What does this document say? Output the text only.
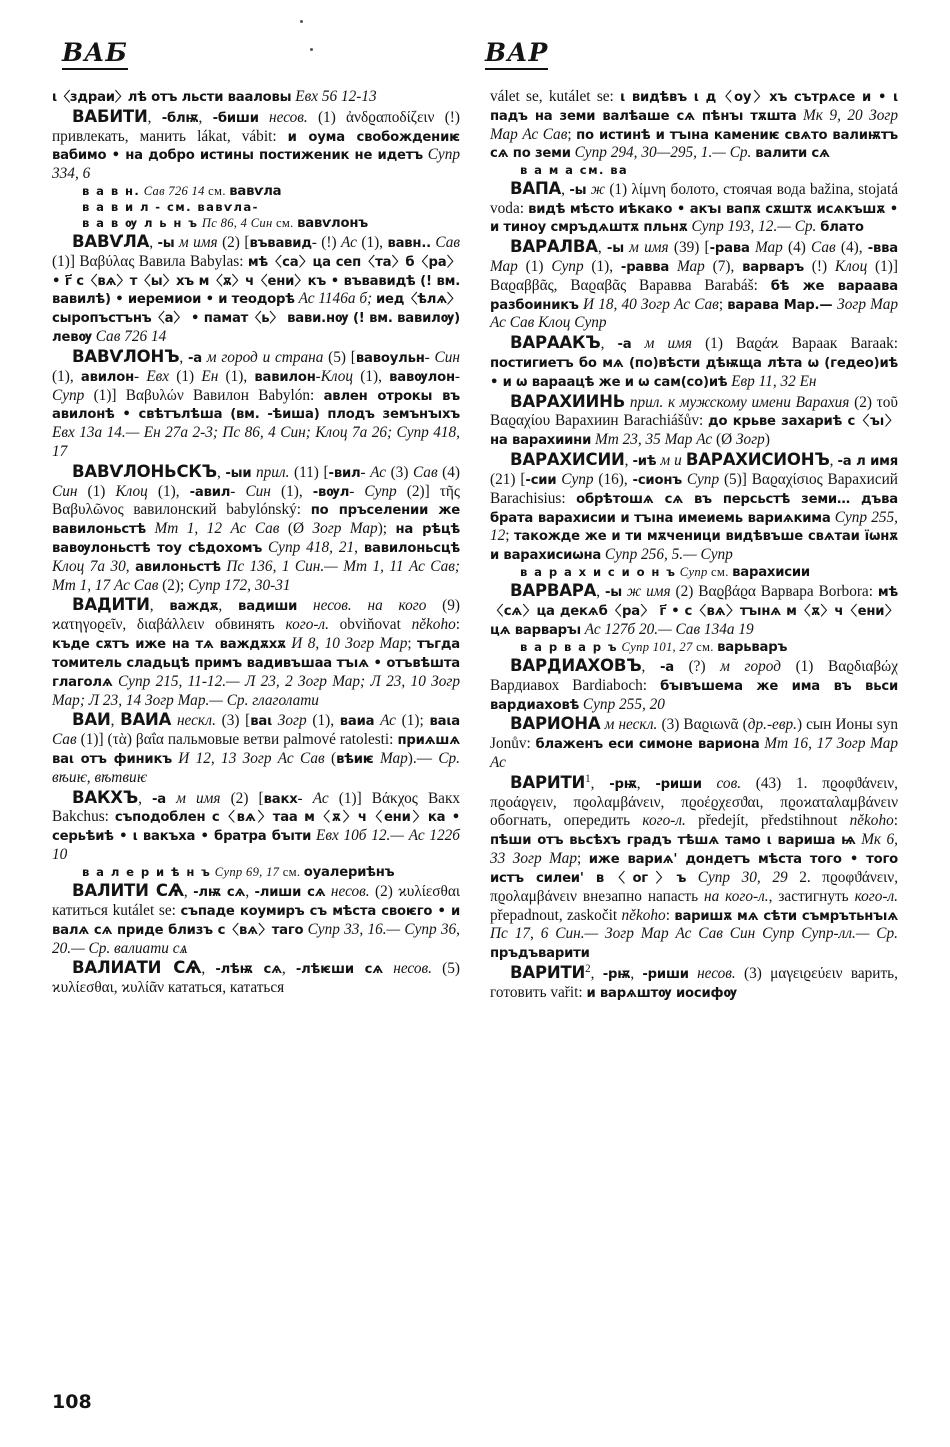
ВАБ	ВАР

ι〈здраи〉лѣ отъ льсти вааловы Евх 56 12-13

ВАБИТИ, -блѭ, -биши несов. (1) ἀνδϱαποδίζειν (!) привлекать, манить lákat, vábit: и оума свобождениѥ вабимо • на добро истины постиженик не идетъ Супр 334, 6

в а в н. Сав 726 14 см. вавѵла

в а в и л - см. вавѵла-

в а в ѹ л ь н ъ Пс 86, 4 Син см. вавѵлонъ

ВАВѴЛА, -ы м имя (2) [въвавид- (!) Ас (1), вавн.. Сав (1)] Βαβύλας Вавила Babylas: мѣ〈са〉ца сеп〈та〉б〈ра〉 • г҃ с〈вѧ〉т〈ы〉хъ м〈ѫ〉ч〈ени〉къ • въвавидѣ (! вм. вавилѣ) • иеремиои • и теодорѣ Ас 1146а б; иед〈ѣлѧ〉 сыропъстънъ〈а〉 • памат〈ь〉 вави.нѹ (! вм. вавилѹ) левѹ Сав 726 14

ВАВѴЛОНЪ, -а м город и страна (5) [вавоульн- Син (1), авилон- Евх (1) Ен (1), вавилон-Клоц (1), вавѹлон- Супр (1)] Βαβυλών Вавилон Babylón: авлен отрокы въ авилонѣ • свѣтълѣша (вм. -ѣиша) плодъ земънъıхъ Евх 13а 14.— Ен 27а 2-3; Пс 86, 4 Син; Клоц 7а 26; Супр 418, 17

ВАВѴЛОНЬСКЪ, -ыи прил. (11) [-вил- Ас (3) Сав (4) Син (1) Клоц (1), -авил- Син (1), -вѹл- Супр (2)] τῆς Βαβυλῶνος вавилонский babylónský: по пръселении же вавилоньстѣ Мт 1, 12 Ас Сав (Ø Зогр Мар); на рѣцѣ вавѹлоньстѣ тоу сѣдохомъ Супр 418, 21, вавилоньсцѣ Клоц 7а 30, авилоньстѣ Пс 136, 1 Син.— Мт 1, 11 Ас Сав; Мт 1, 17 Ас Сав (2); Супр 172, 30-31

ВАДИТИ, важдѫ, вадиши несов. на кого (9) ϰατηγοϱεῖν, διαβάλλειν обвинять кого-л. obviňovat někoho: къде сѫтъ иже на тѧ важдѫхѫ И 8, 10 Зогр Мар; тъгда томитель сладьцѣ примъ вадивъшаа тъıѧ • отъвѣшта глаголѧ Супр 215, 11-12.— Л 23, 2 Зогр Мар; Л 23, 10 Зогр Мар; Л 23, 14 Зогр Мар.— Ср. глаголати

ВАИ, ВАИА нескл. (3) [ваι Зогр (1), ваиа Ас (1); ваιа Сав (1)] (τὰ) βαΐα пальмовые ветви palmové ratolesti: приѧшѧ ваι отъ финикъ И 12, 13 Зогр Ас Сав (вѣиѥ Мар).— Ср. вѣиѥ, вѣтвиѥ

ВАКХЪ, -а м имя (2) [вакх- Ас (1)] Βάκχος Вакх Bakchus: съподоблен с〈вѧ〉таа м〈ѫ〉ч〈ени〉ка • серьѣиѣ • ι вакъха • братра бъıти Евх 10б 12.— Ас 122б 10

в а л е р и ѣ н ъ Супр 69, 17 см. оуалериѣнъ

ВАЛИТИ СѦ, -лѭ сѧ, -лиши сѧ несов. (2) ϰυλίεσθαι катиться kutálet se: съпаде коумиръ съ мѣста своѥго • и валѧ сѧ приде близъ с〈вѧ〉таго Супр 33, 16.— Супр 36, 20.— Ср. валиати сѧ

ВАЛИАТИ СѦ, -лѣѭ сѧ, -лѣѥши сѧ несов. (5) ϰυλίεσθαι, ϰυλίᾶν кататься, кататься

válet se, kutálet se: ι видѣвъ ι д〈оу〉хъ сътрѧсе и • ι падъ на земи валѣаше сѧ пѣнъı тѫшта Мк 9, 20 Зогр Мар Ас Сав; по истинѣ и тъıна камениѥ свѧто валиѭтъ сѧ по земи Супр 294, 30—295, 1.— Ср. валити сѧ

в а м а см. ва

ВАПА, -ы ж (1) λίμνη болото, стоячая вода bažina, stojatá voda: видѣ мѣсто иѣкако • акъı вапѫ сѫштѫ исѧкъшѫ • и тиноу смръдѧштѫ пльнѫ Супр 193, 12.— Ср. блато

ВАРАЛВА, -ы м имя (39) [-рава Мар (4) Сав (4), -вва Мар (1) Супр (1), -равва Мар (7), варваръ (!) Клоц (1)] Βαϱαββᾶς, Βαϱαβᾶς Варавва Barabáš: бѣ же вараава разбоиникъ И 18, 40 Зогр Ас Сав; варава Мар.— Зогр Мар Ас Сав Клоц Супр

ВАРААКЪ, -а м имя (1) Βαϱάϰ Вараак Baraak: постигиетъ бо мѧ (по)вѣсти дѣѭща лѣта ѡ (гедео)иѣ • и ѡ вараацѣ же и ѡ сам(со)иѣ Евр 11, 32 Ен

ВАРАХИИНЬ прил. к мужскому имени Варахия (2) τοῦ Βαϱαχίου Варахиин Barachiášův: до крьве захариѣ с〈ъı〉на варахиини Мт 23, 35 Мар Ас (Ø Зогр)

ВАРАХИСИИ, -иѣ м и ВАРАХИСИОНЪ, -а л имя (21) [-сии Супр (16), -сионъ Супр (5)] Βαϱαχίσιος Варахисий Barachisius: обрѣтошѧ сѧ въ персьстѣ земи… дъва брата варахисии и тъıна имеиемь вариѧкима Супр 255, 12; такожде же и ти мѫченици видѣвъше свѧтаи їѡнѫ и варахисиѡна Супр 256, 5.— Супр

в а р а х и с и о н ъ Супр см. варахисии

ВАРВАРА, -ы ж имя (2) Βαϱβάϱα Варвара Borbora: мѣ〈сѧ〉ца декѧб〈ра〉 г҃ • с〈вѧ〉тъıнѧ м〈ѫ〉ч〈ени〉цѧ варваръı Ас 127б 20.— Сав 134а 19

в а р в а р ъ Супр 101, 27 см. варьваръ

ВАРДИАХОВЪ, -а (?) м город (1) Βαϱδιαβώχ Вардиавох Bardiaboch: бъıвъшема же има въ вьси вардиаховѣ Супр 255, 20

ВАРИОНА м нескл. (3) Βαϱιωνᾶ (др.-евр.) сын Ионы syn Jonův: блаженъ еси симоне вариона Мт 16, 17 Зогр Мар Ас

ВАРИТИ$^1$, -рѭ, -риши сов. (43) 1. πϱοφϑάνειν, πϱοάϱγειν, πϱολαμβάνειν, πϱοέϱχεσϑαι, πϱοϰαταλαμβάνειν обогнать, опередить кого-л. předejít, předstihnout někoho: пѣши отъ вьсѣхъ градъ тѣшѧ тамо ι вариша ѩ Мк 6, 33 Зогр Мар; иже вариѧ' дондетъ мѣста того • того истъ силеи' в〈ог〉ъ Супр 30, 29 2. πϱοφϑάνειν, πϱολαμβάνειν внезапно напасть на кого-л., застигнуть кого-л. přepadnout, zaskočit někoho: варишѫ мѧ сѣти съмрътьнъıѧ Пс 17, 6 Син.— Зогр Мар Ас Сав Син Супр Супр-лл.— Ср. пръдъварити

ВАРИТИ$^2$, -рѭ, -риши несов. (3) μαγειϱεύειν варить, готовить vařit: и варѧштѹ иосифѹ

108
